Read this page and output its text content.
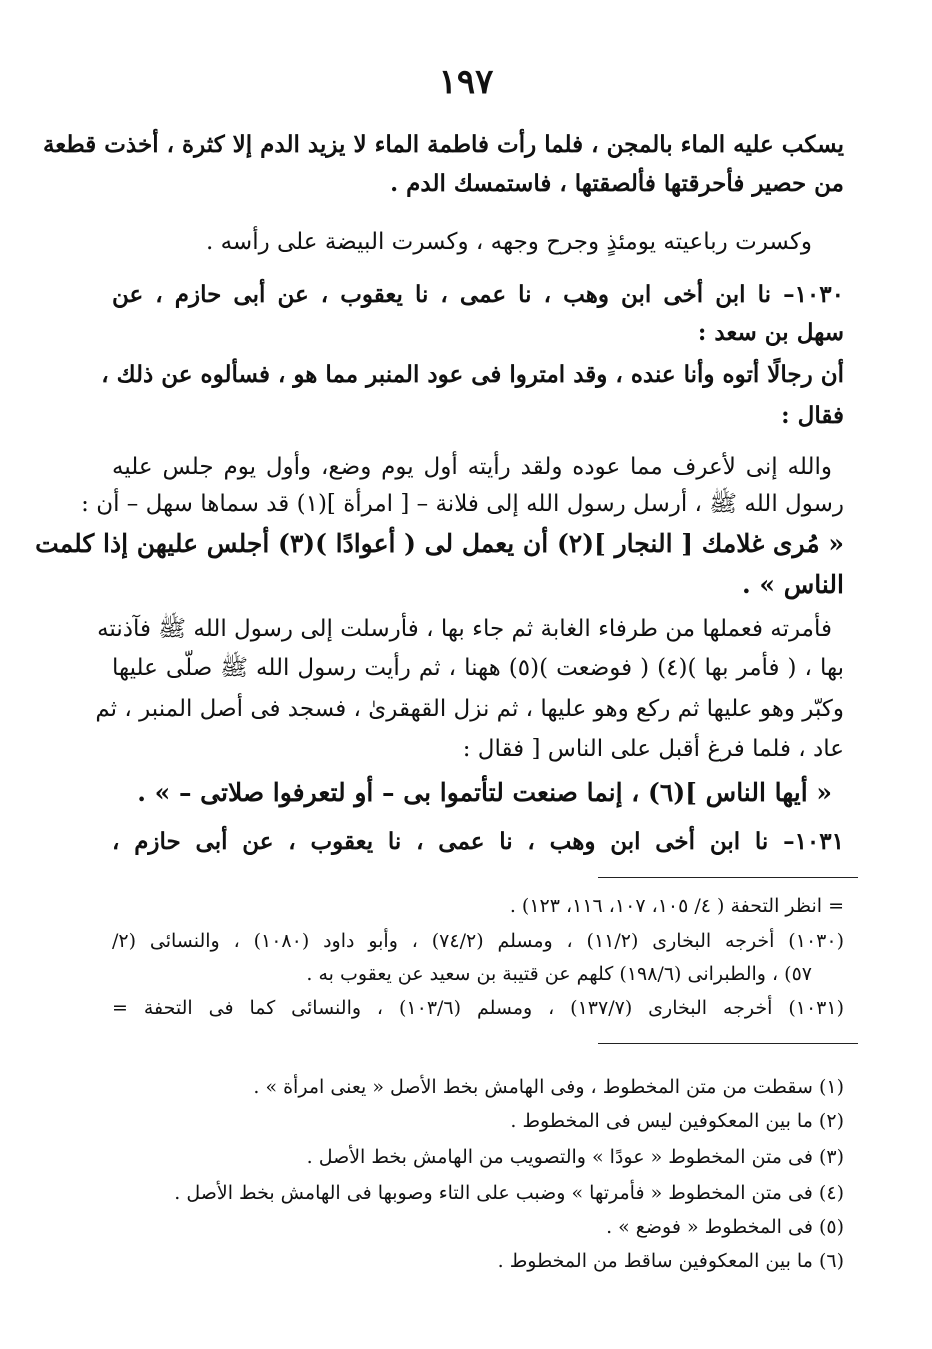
١٩٧
يسكب عليه الماء بالمجن ، فلما رأت فاطمة الماء لا يزيد الدم إلا كثرة ، أخذت قطعة
من حصير فأحرقتها فألصقتها ، فاستمسك الدم .
وكسرت رباعيته يومئذٍ وجرح وجهه ، وكسرت البيضة على رأسه .
١٠٣٠– نا ابن أخى ابن وهب ، نا عمى ، نا يعقوب ، عن أبى حازم ، عن
سهل بن سعد :
أن رجالًا أتوه وأنا عنده ، وقد امتروا فى عود المنبر مما هو ، فسألوه عن ذلك ،
فقال :
والله إنى لأعرف مما عوده ولقد رأيته أول يوم وضع، وأول يوم جلس عليه
رسول الله ﷺ ، أرسل رسول الله إلى فلانة – [ امرأة ](١) قد سماها سهل – أن :
« مُرى غلامك [ النجار ](٢) أن يعمل لى ( أعوادًا )(٣) أجلس عليهن إذا كلمت
الناس » .
فأمرته فعملها من طرفاء الغابة ثم جاء بها ، فأرسلت إلى رسول الله ﷺ فآذنته
بها ، ( فأمر بها )(٤) ( فوضعت )(٥) ههنا ، ثم رأيت رسول الله ﷺ صلّى عليها
وكبّر وهو عليها ثم ركع وهو عليها ، ثم نزل القهقرىٰ ، فسجد فى أصل المنبر ، ثم
عاد ، فلما فرغ أقبل على الناس [ فقال :
« أيها الناس ](٦) ، إنما صنعت لتأتموا بى – أو لتعرفوا صلاتى – » .
١٠٣١– نا ابن أخى ابن وهب ، نا عمى ، نا يعقوب ، عن أبى حازم ،
= انظر التحفة ( ٤/ ١٠٥، ١٠٧، ١١٦، ١٢٣) .
(١٠٣٠) أخرجه البخارى (١١/٢) ، ومسلم (٧٤/٢) ، وأبو داود (١٠٨٠) ، والنسائى (٢/
٥٧) ، والطبرانى (١٩٨/٦) كلهم عن قتيبة بن سعيد عن يعقوب به .
(١٠٣١) أخرجه البخارى (١٣٧/٧) ، ومسلم (١٠٣/٦) ، والنسائى كما فى التحفة =
(١) سقطت من متن المخطوط ، وفى الهامش بخط الأصل « يعنى امرأة » .
(٢) ما بين المعكوفين ليس فى المخطوط .
(٣) فى متن المخطوط « عودًا » والتصويب من الهامش بخط الأصل .
(٤) فى متن المخطوط « فأمرتها » وضبب على التاء وصوبها فى الهامش بخط الأصل .
(٥) فى المخطوط « فوضع » .
(٦) ما بين المعكوفين ساقط من المخطوط .
